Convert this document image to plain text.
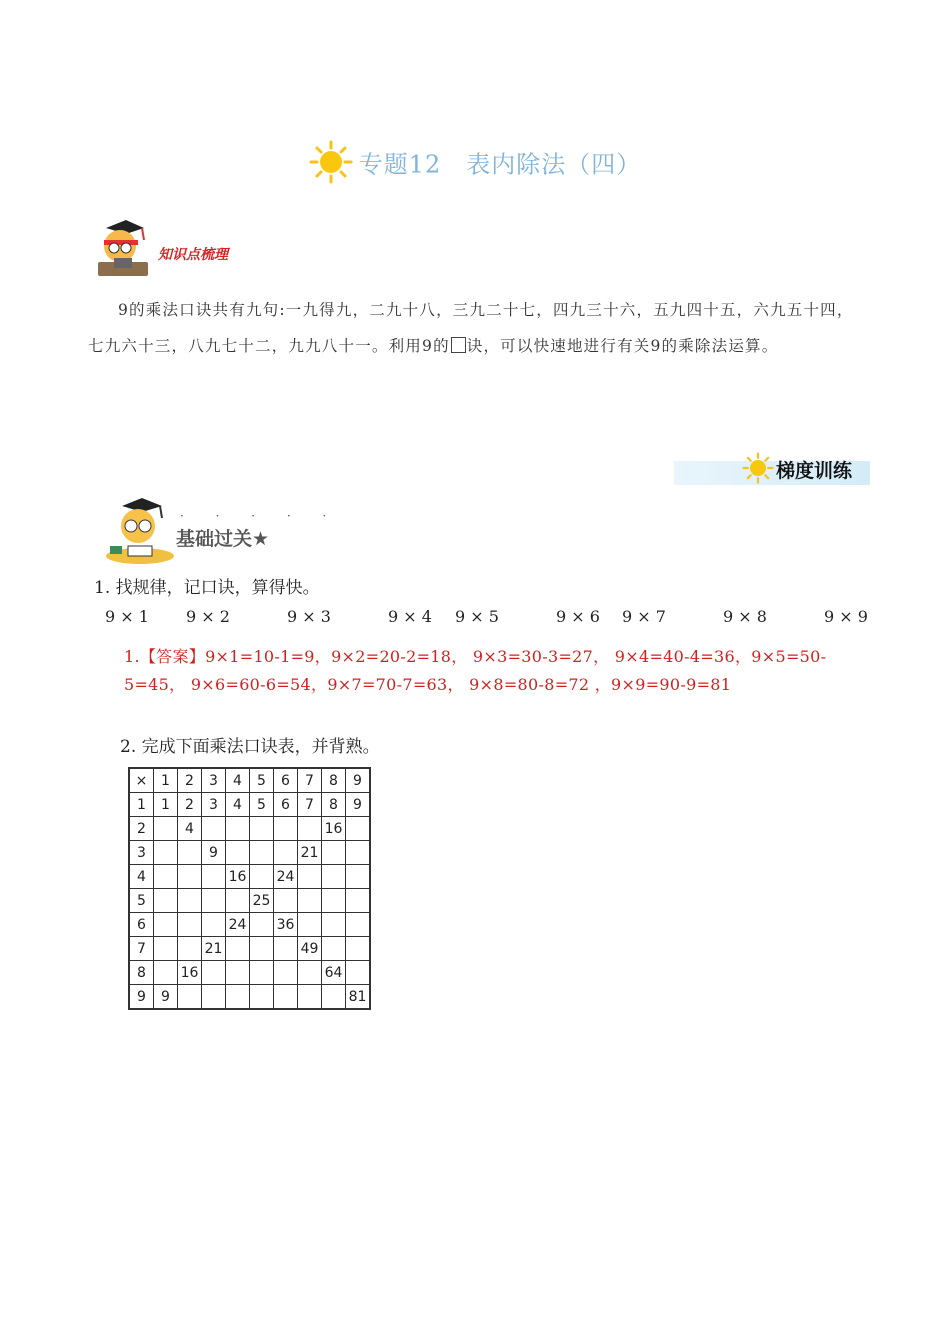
专题12　表内除法（四）
知识点梳理
9的乘法口诀共有九句:一九得九，二九十八，三九二十七，四九三十六，五九四十五，六九五十四，七九六十三，八九七十二，九九八十一。利用9的 诀，可以快速地进行有关9的乘除法运算。
梯度训练
· · · · ·
基础过关★
1. 找规律，记口诀，算得快。
9 × 1 9 × 2	9 × 3	9 × 4 9 × 5	9 × 6 9 × 7	9 × 8	9 × 9
1.【答案】9×1=10-1=9，9×2=20-2=18， 9×3=30-3=27， 9×4=40-4=36，9×5=50-5=45， 9×6=60-6=54，9×7=70-7=63， 9×8=80-8=72 ，9×9=90-9=81
2. 完成下面乘法口诀表，并背熟。
×	1	2	3	4	5	6	7	8	9
1	1	2	3	4	5	6	7	8	9
2		4						16	
3			9				21		
4				16		24			
5					25				
6				24		36			
7			21				49		
8		16						64	
9	9								81
